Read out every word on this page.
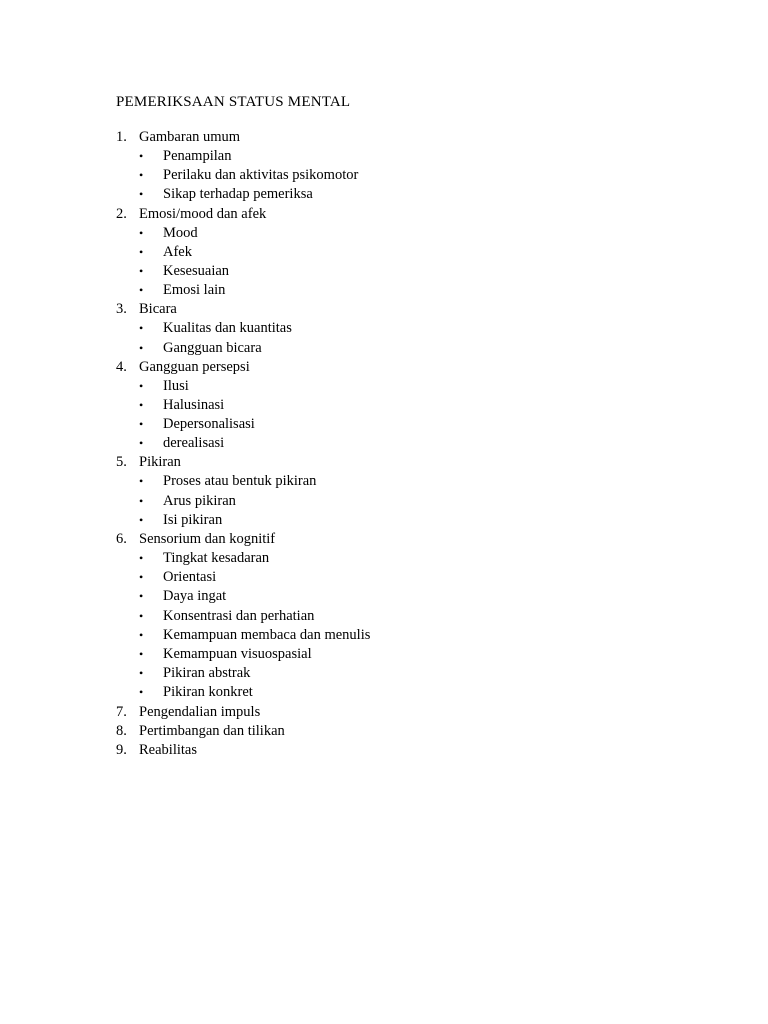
PEMERIKSAAN STATUS MENTAL
1. Gambaran umum
• Penampilan
• Perilaku dan aktivitas psikomotor
• Sikap terhadap pemeriksa
2. Emosi/mood dan afek
• Mood
• Afek
• Kesesuaian
• Emosi lain
3. Bicara
• Kualitas dan kuantitas
• Gangguan bicara
4. Gangguan persepsi
• Ilusi
• Halusinasi
• Depersonalisasi
• derealisasi
5. Pikiran
• Proses atau bentuk pikiran
• Arus pikiran
• Isi pikiran
6. Sensorium dan kognitif
• Tingkat kesadaran
• Orientasi
• Daya ingat
• Konsentrasi dan perhatian
• Kemampuan membaca dan menulis
• Kemampuan visuospasial
• Pikiran abstrak
• Pikiran konkret
7. Pengendalian impuls
8. Pertimbangan dan tilikan
9. Reabilitas
